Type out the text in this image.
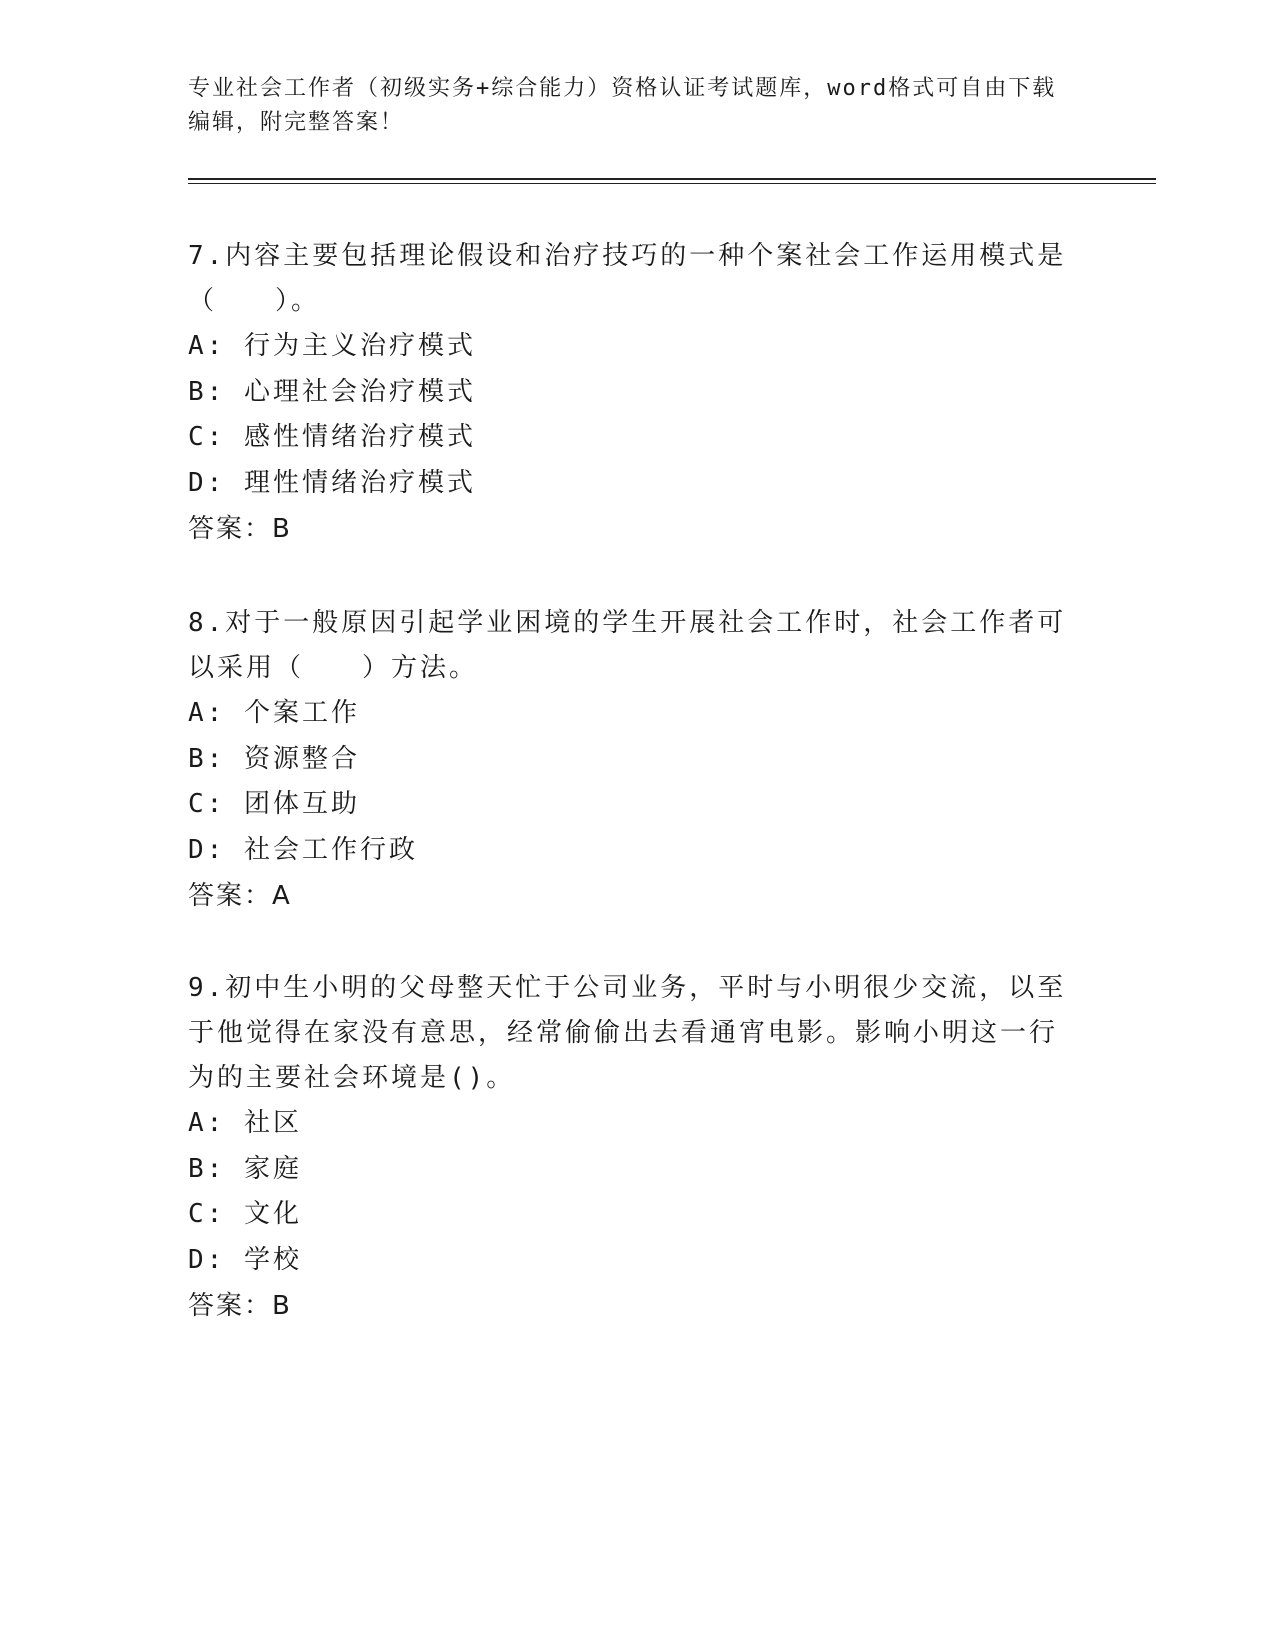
专业社会工作者（初级实务+综合能力）资格认证考试题库，word格式可自由下载
编辑，附完整答案！
7.内容主要包括理论假设和治疗技巧的一种个案社会工作运用模式是
（　　）。
A: 行为主义治疗模式
B: 心理社会治疗模式
C: 感性情绪治疗模式
D: 理性情绪治疗模式
答案：B
8.对于一般原因引起学业困境的学生开展社会工作时，社会工作者可
以采用（　　）方法。
A: 个案工作
B: 资源整合
C: 团体互助
D: 社会工作行政
答案：A
9.初中生小明的父母整天忙于公司业务，平时与小明很少交流，以至
于他觉得在家没有意思，经常偷偷出去看通宵电影。影响小明这一行
为的主要社会环境是()。
A: 社区
B: 家庭
C: 文化
D: 学校
答案：B
